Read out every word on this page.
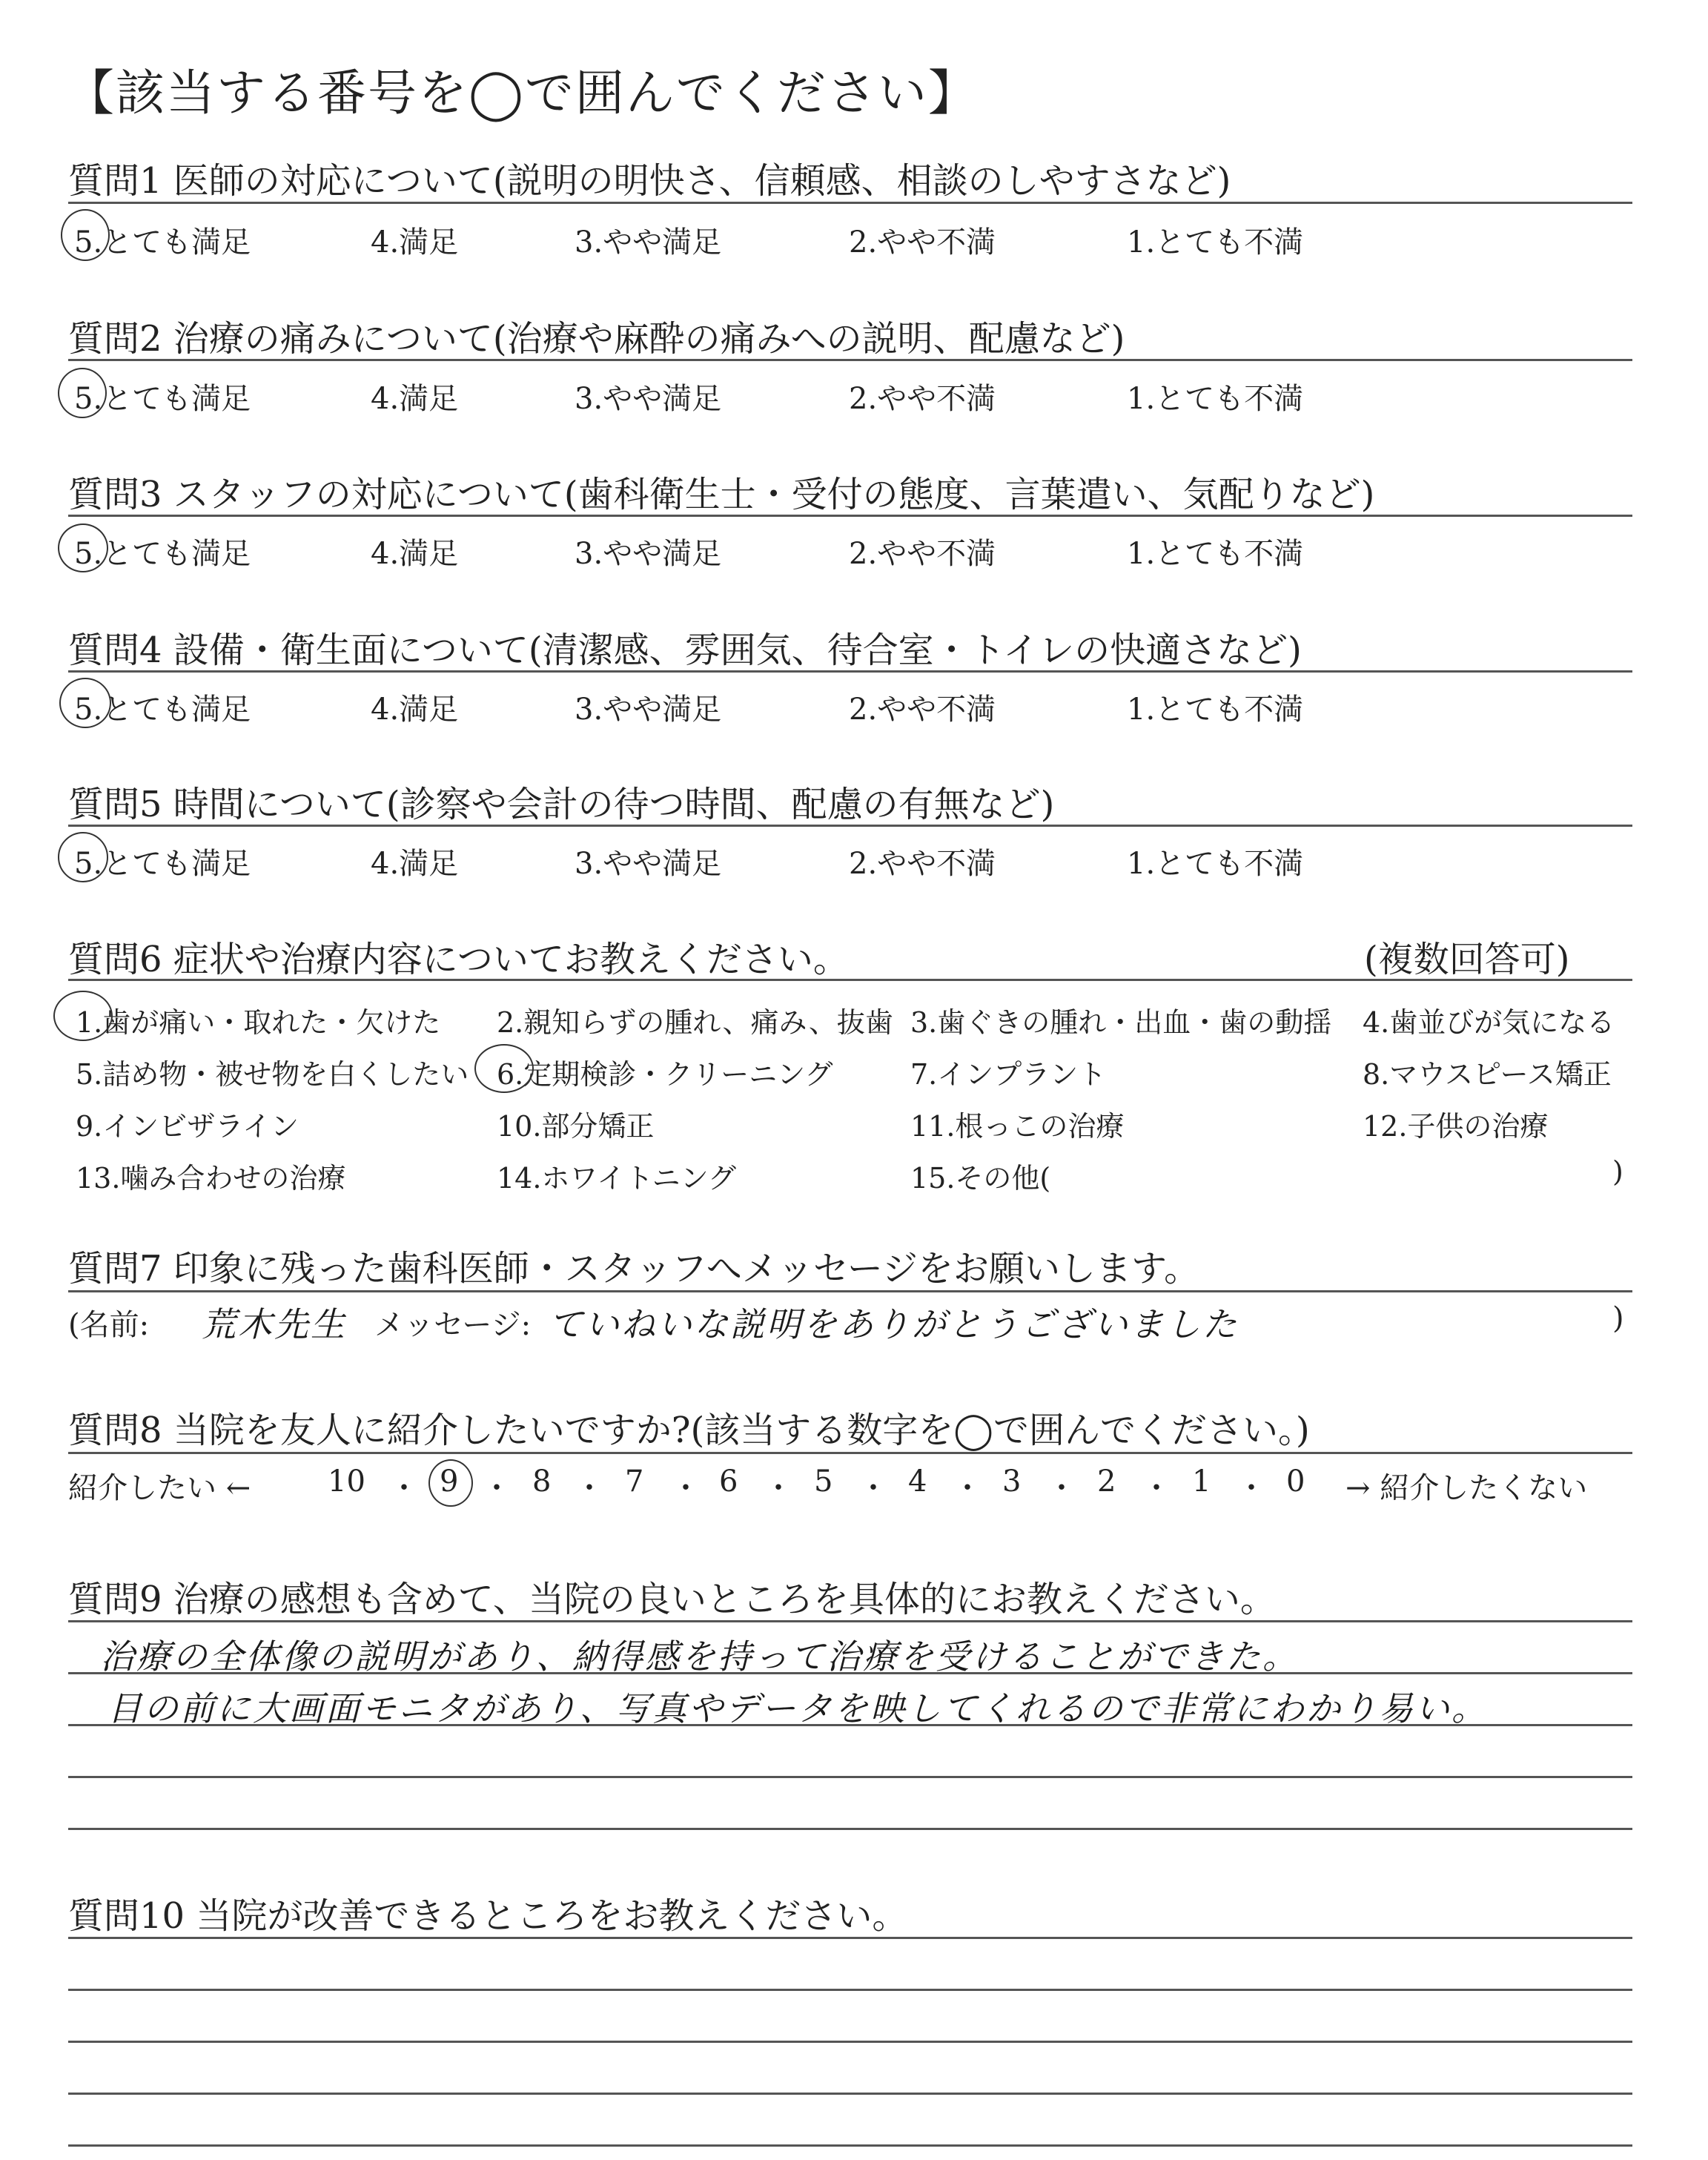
【該当する番号を◯で囲んでください】
質問1 医師の対応について(説明の明快さ、信頼感、相談のしやすさなど)
5.とても満足	4.満足	3.やや満足	2.やや不満	1.とても不満
質問2 治療の痛みについて(治療や麻酔の痛みへの説明、配慮など)
5.とても満足	4.満足	3.やや満足	2.やや不満	1.とても不満
質問3 スタッフの対応について(歯科衛生士・受付の態度、言葉遣い、気配りなど)
5.とても満足	4.満足	3.やや満足	2.やや不満	1.とても不満
質問4 設備・衛生面について(清潔感、雰囲気、待合室・トイレの快適さなど)
5.とても満足	4.満足	3.やや満足	2.やや不満	1.とても不満
質問5 時間について(診察や会計の待つ時間、配慮の有無など)
5.とても満足	4.満足	3.やや満足	2.やや不満	1.とても不満
質問6 症状や治療内容についてお教えください。	(複数回答可)
1.歯が痛い・取れた・欠けた 2.親知らずの腫れ、痛み、抜歯 3.歯ぐきの腫れ・出血・歯の動揺 4.歯並びが気になる
5.詰め物・被せ物を白くしたい 6.定期検診・クリーニング	7.インプラント	8.マウスピース矯正
9.インビザライン	10.部分矯正	11.根っこの治療	12.子供の治療
13.噛み合わせの治療	14.ホワイトニング	15.その他(	)
質問7 印象に残った歯科医師・スタッフへメッセージをお願いします。
(名前: 荒木先生 メッセージ: ていねいな説明をありがとうございました	)
質問8 当院を友人に紹介したいですか?(該当する数字を◯で囲んでください。)
紹介したい ←	→ 紹介したくない
10 ・ 9 ・ 8 ・ 7 ・ 6 ・ 5 ・ 4 ・ 3 ・ 2 ・ 1 ・ 0
質問9 治療の感想も含めて、当院の良いところを具体的にお教えください。
治療の全体像の説明があり、納得感を持って治療を受けることができた。
目の前に大画面モニタがあり、写真やデータを映してくれるので非常にわかり易い。
質問10 当院が改善できるところをお教えください。
